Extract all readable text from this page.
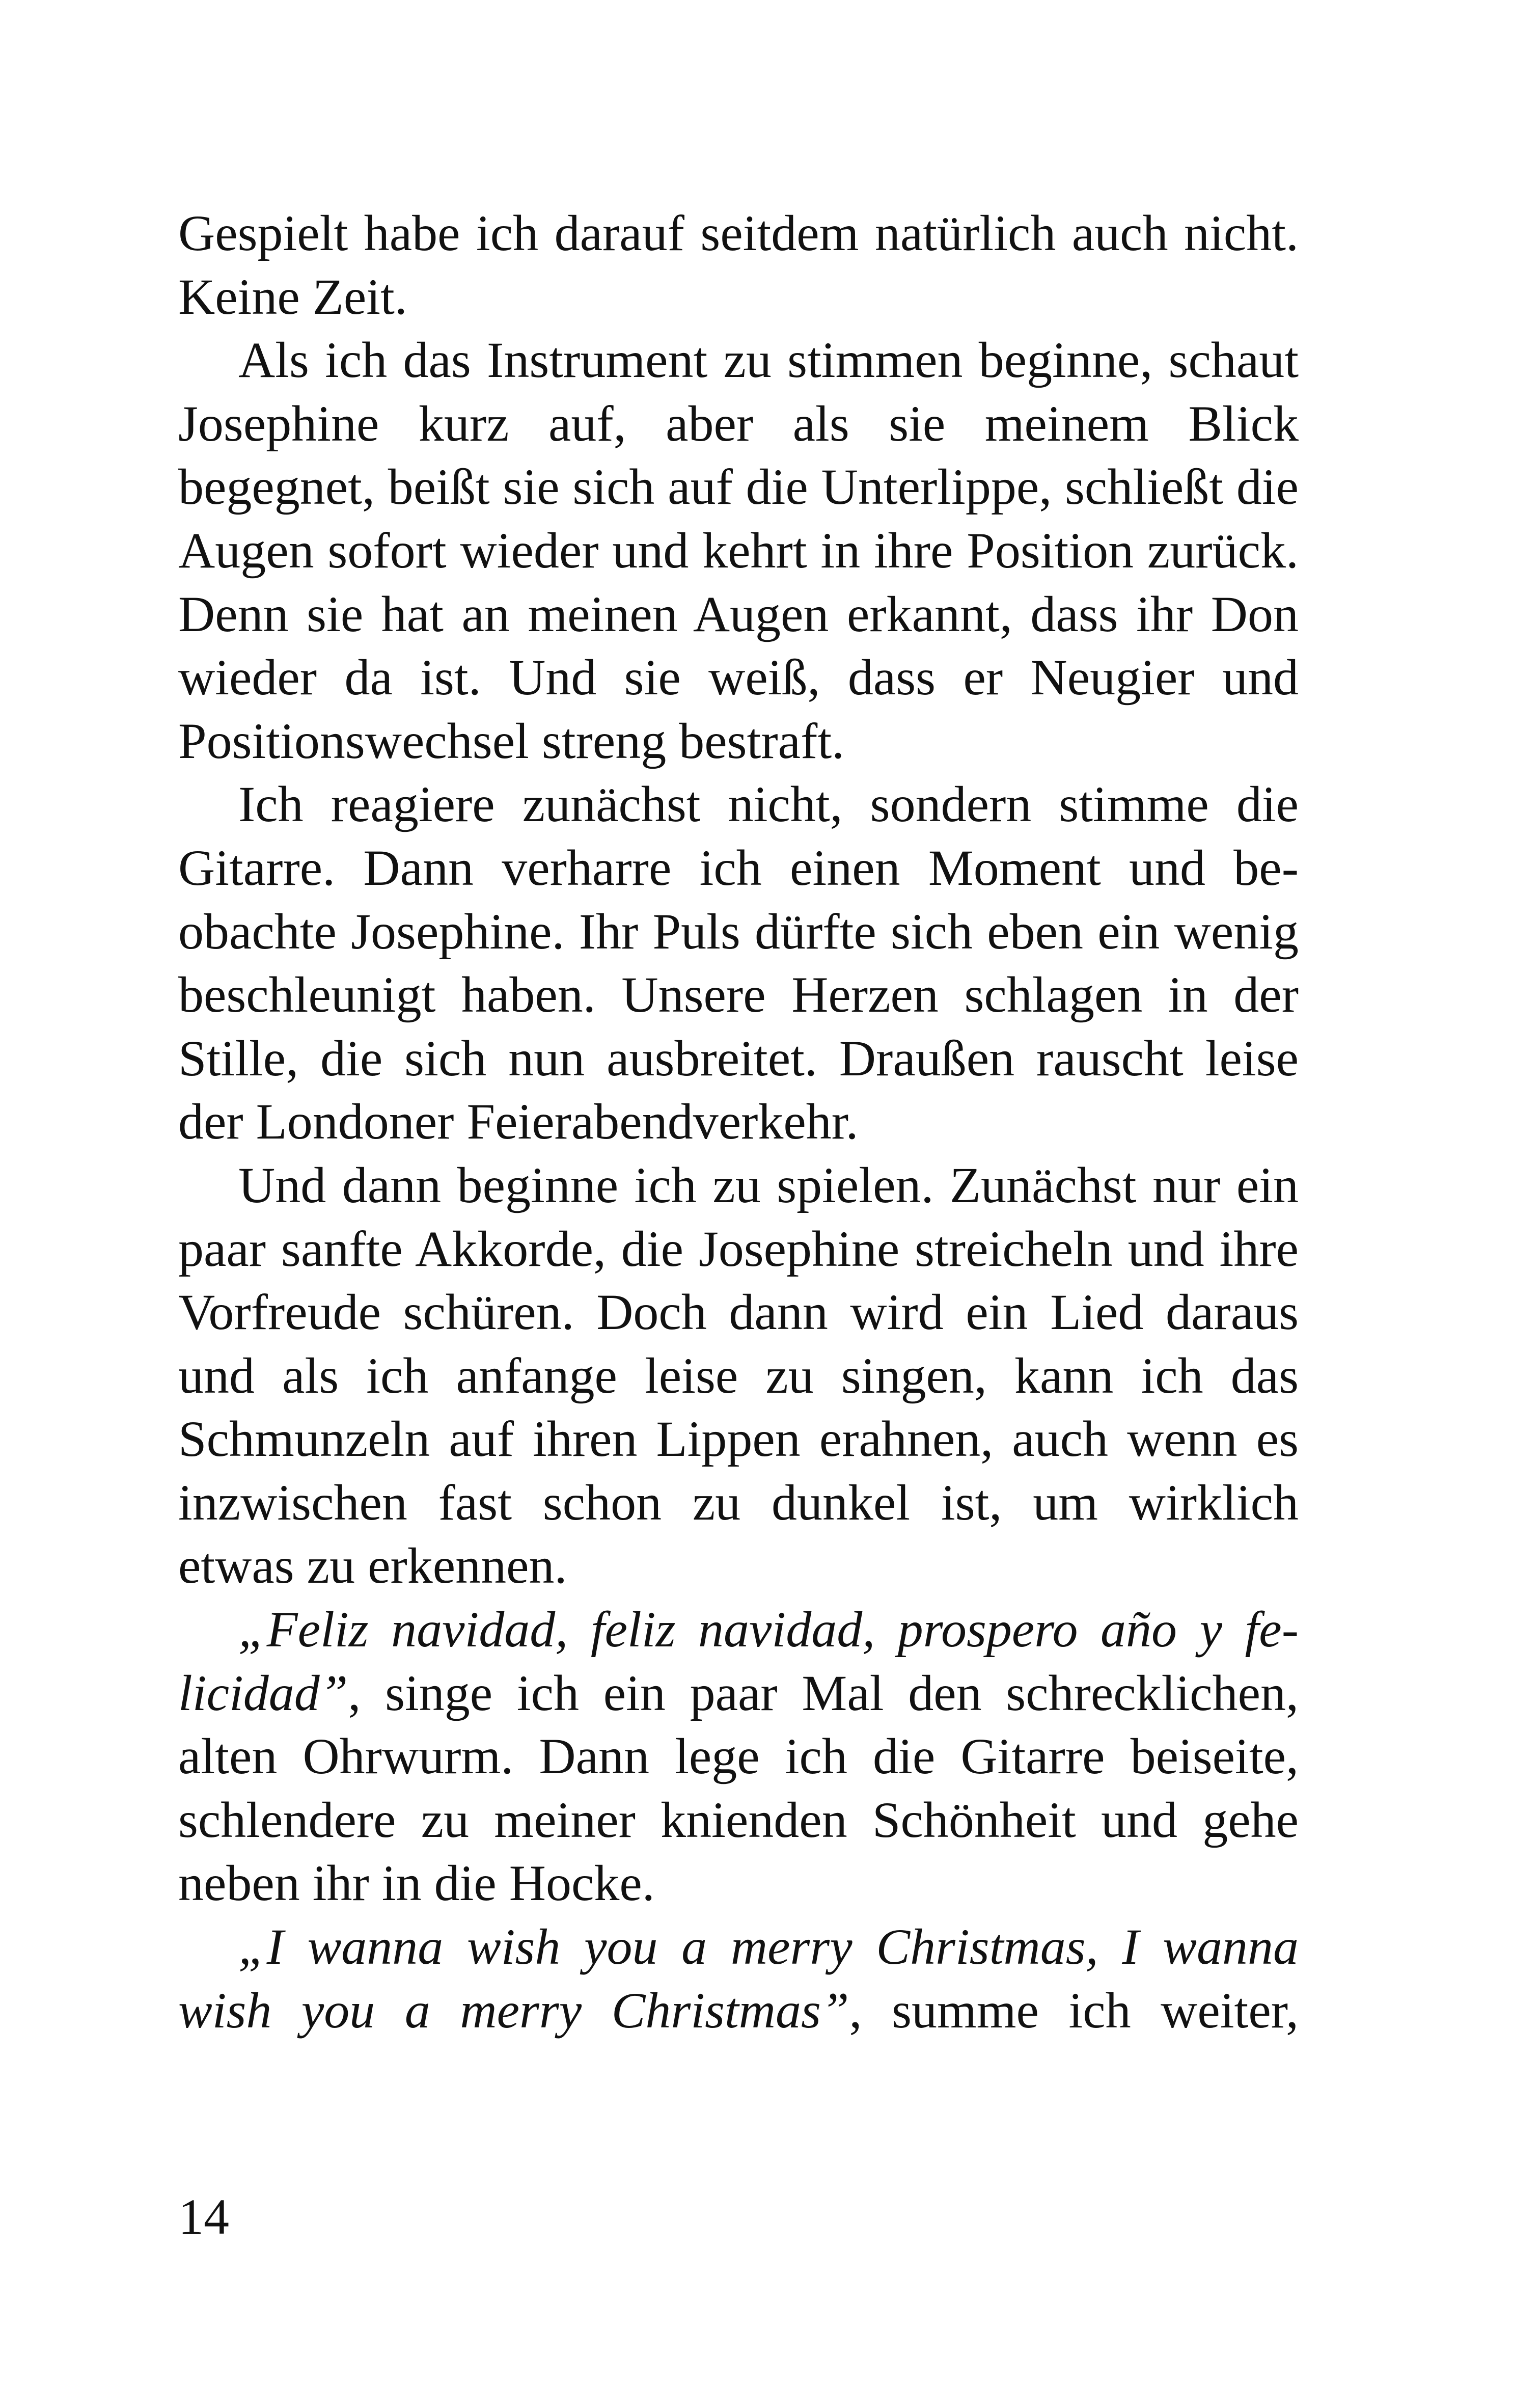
Gespielt habe ich darauf seitdem natürlich auch nicht. Keine Zeit.

Als ich das Instrument zu stimmen beginne, schaut Josephine kurz auf, aber als sie meinem Blick begegnet, beißt sie sich auf die Unterlippe, schließt die Augen sofort wieder und kehrt in ihre Position zurück. Denn sie hat an meinen Augen erkannt, dass ihr Don wieder da ist. Und sie weiß, dass er Neugier und Positionswechsel streng bestraft.

Ich reagiere zunächst nicht, sondern stimme die Gitarre. Dann verharre ich einen Moment und beobachte Josephine. Ihr Puls dürfte sich eben ein wenig beschleunigt haben. Unsere Herzen schlagen in der Stille, die sich nun ausbreitet. Draußen rauscht leise der Londoner Feierabendverkehr.

Und dann beginne ich zu spielen. Zunächst nur ein paar sanfte Akkorde, die Josephine streicheln und ihre Vorfreude schüren. Doch dann wird ein Lied daraus und als ich anfange leise zu singen, kann ich das Schmunzeln auf ihren Lippen erahnen, auch wenn es inzwischen fast schon zu dunkel ist, um wirklich etwas zu erkennen.

„Feliz navidad, feliz navidad, prospero año y felicidad”, singe ich ein paar Mal den schrecklichen, alten Ohrwurm. Dann lege ich die Gitarre beiseite, schlendere zu meiner knienden Schönheit und gehe neben ihr in die Hocke.

„I wanna wish you a merry Christmas, I wanna wish you a merry Christmas”, summe ich weiter,

14
